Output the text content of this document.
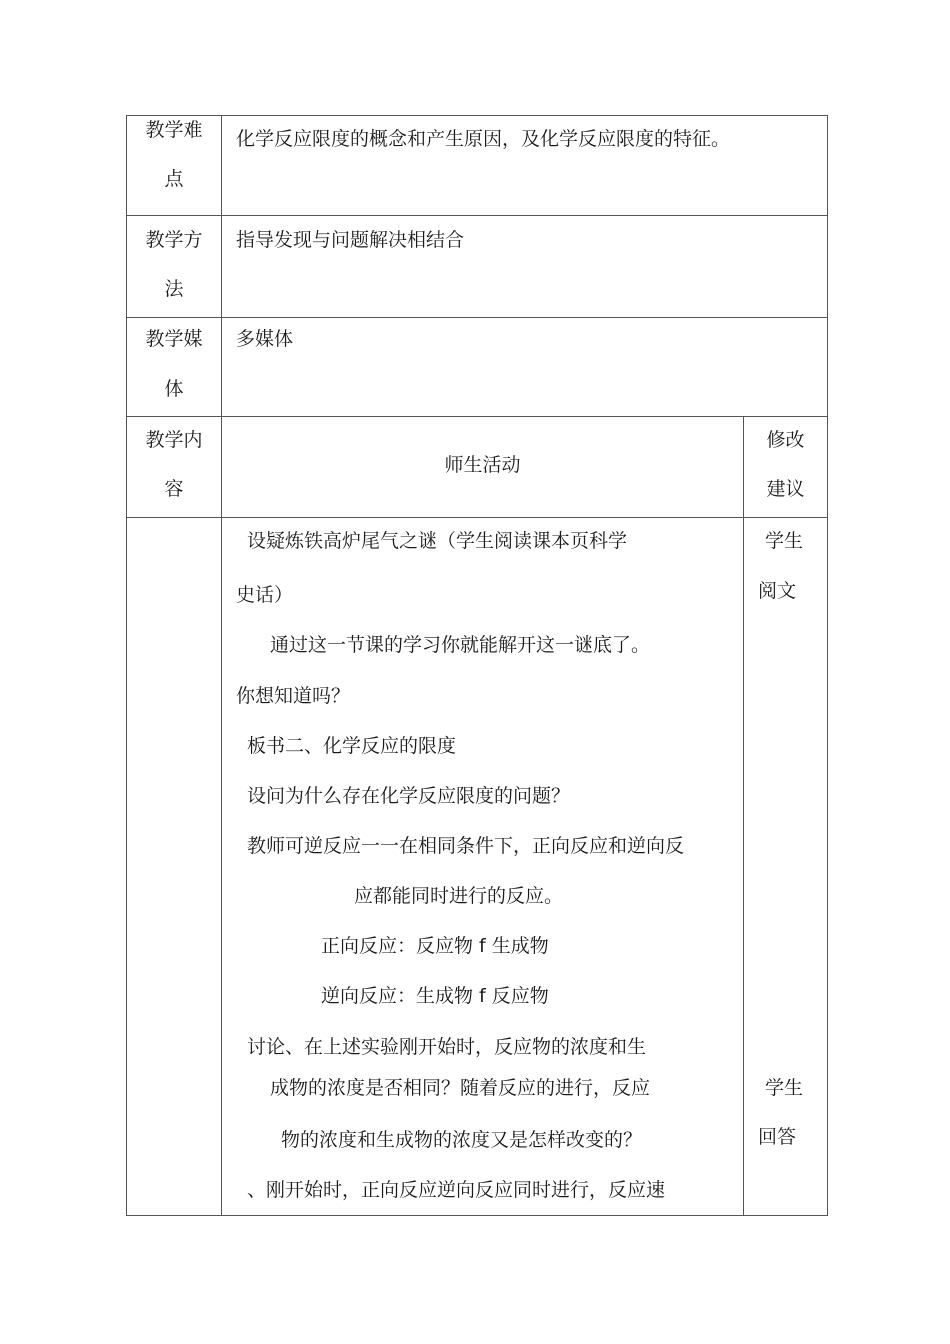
教学难
点
化学反应限度的概念和产生原因，及化学反应限度的特征。
教学方
法
指导发现与问题解决相结合
教学媒
体
多媒体
教学内
容
师生活动
修改
建议
设疑炼铁高炉尾气之谜（学生阅读课本页科学
史话）
通过这一节课的学习你就能解开这一谜底了。
你想知道吗？
板书二、化学反应的限度
设问为什么存在化学反应限度的问题？
教师可逆反应一一在相同条件下，正向反应和逆向反
应都能同时进行的反应。
正向反应：反应物 f 生成物
逆向反应：生成物 f 反应物
讨论、在上述实验刚开始时，反应物的浓度和生
成物的浓度是否相同？随着反应的进行，反应
物的浓度和生成物的浓度又是怎样改变的？
、刚开始时，正向反应逆向反应同时进行，反应速
学生
阅文
学生
回答
